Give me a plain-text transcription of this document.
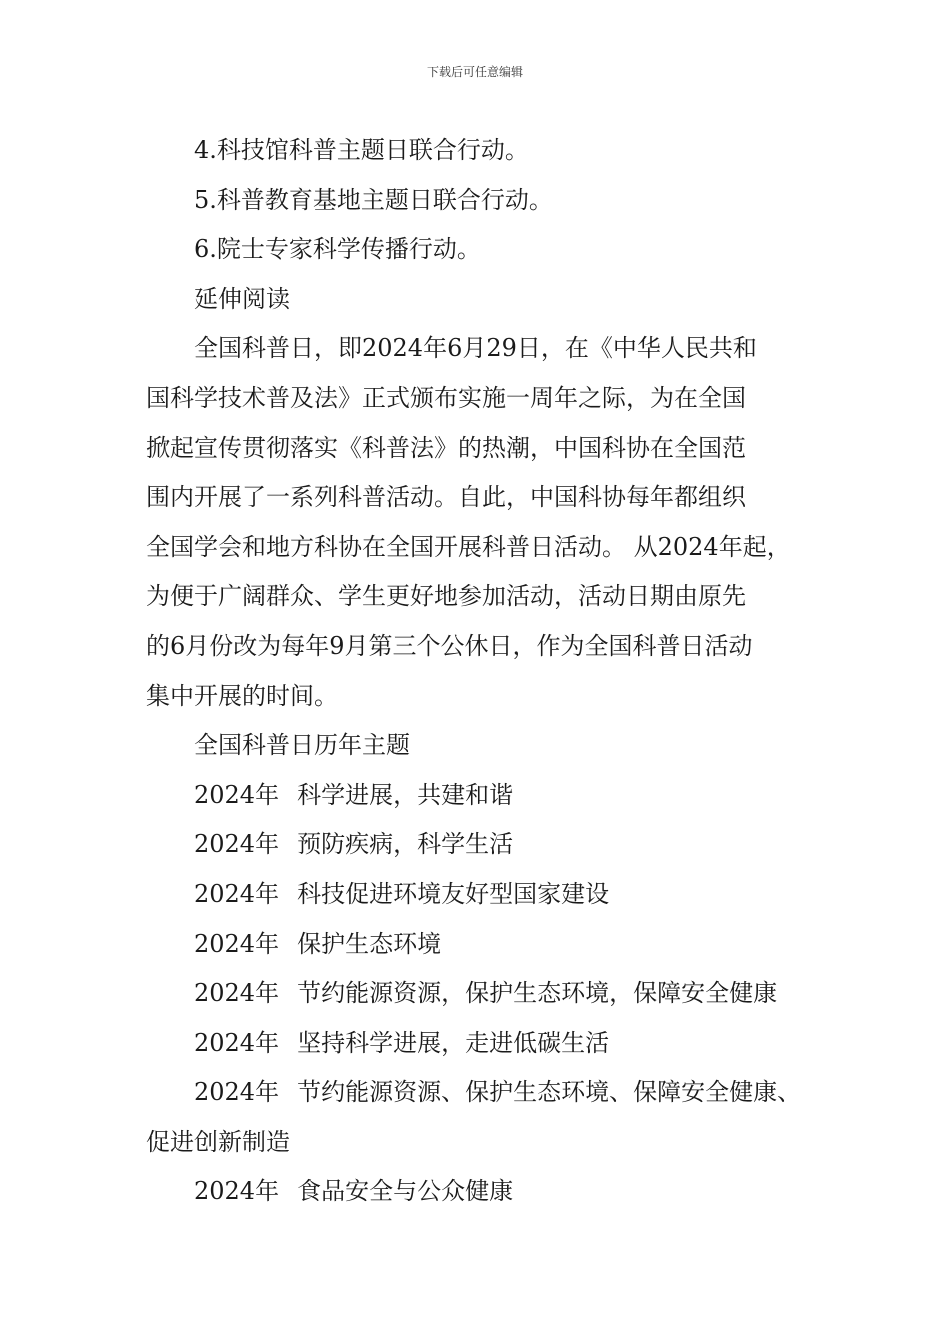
下载后可任意编辑
4.科技馆科普主题日联合行动。
5.科普教育基地主题日联合行动。
6.院士专家科学传播行动。
延伸阅读
全国科普日，即2024年6月29日，在《中华人民共和
国科学技术普及法》正式颁布实施一周年之际，为在全国
掀起宣传贯彻落实《科普法》的热潮，中国科协在全国范
围内开展了一系列科普活动。自此，中国科协每年都组织
全国学会和地方科协在全国开展科普日活动。 从2024年起，
为便于广阔群众、学生更好地参加活动，活动日期由原先
的6月份改为每年9月第三个公休日，作为全国科普日活动
集中开展的时间。
全国科普日历年主题
2024年 科学进展，共建和谐
2024年 预防疾病，科学生活
2024年 科技促进环境友好型国家建设
2024年 保护生态环境
2024年 节约能源资源，保护生态环境，保障安全健康
2024年 坚持科学进展，走进低碳生活
2024年 节约能源资源、保护生态环境、保障安全健康、
促进创新制造
2024年 食品安全与公众健康
